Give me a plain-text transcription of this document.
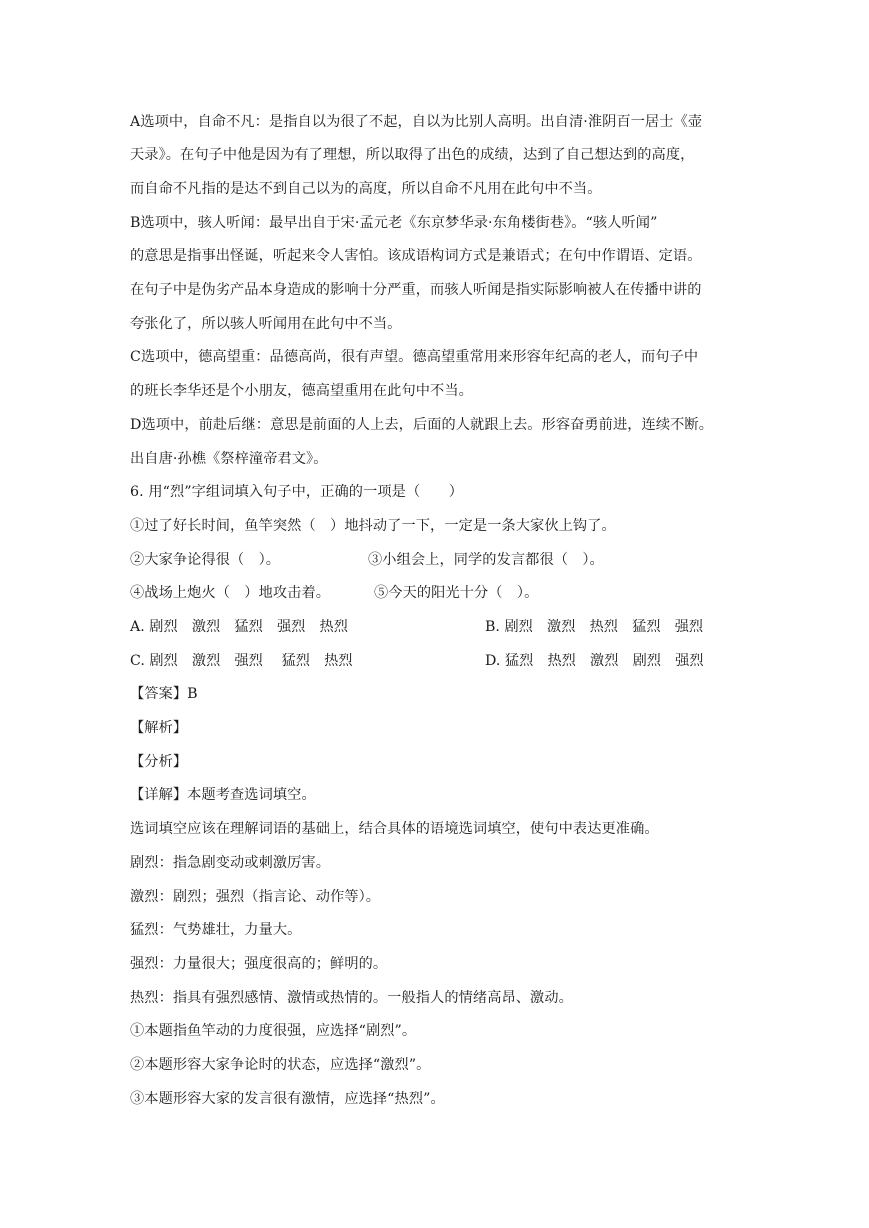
A选项中，自命不凡：是指自以为很了不起，自以为比别人高明。出自清·淮阴百一居士《壶
天录》。在句子中他是因为有了理想，所以取得了出色的成绩，达到了自己想达到的高度，
而自命不凡指的是达不到自己以为的高度，所以自命不凡用在此句中不当。
B选项中，骇人听闻：最早出自于宋·孟元老《东京梦华录·东角楼街巷》。“骇人听闻”
的意思是指事出怪诞，听起来令人害怕。该成语构词方式是兼语式；在句中作谓语、定语。
在句子中是伪劣产品本身造成的影响十分严重，而骇人听闻是指实际影响被人在传播中讲的
夸张化了，所以骇人听闻用在此句中不当。
C选项中，德高望重：品德高尚，很有声望。德高望重常用来形容年纪高的老人，而句子中
的班长李华还是个小朋友，德高望重用在此句中不当。
D选项中，前赴后继：意思是前面的人上去，后面的人就跟上去。形容奋勇前进，连续不断。
出自唐·孙樵《祭梓潼帝君文》。
6. 用“烈”字组词填入句子中，正确的一项是（　　）
①过了好长时间，鱼竿突然（　）地抖动了一下，一定是一条大家伙上钩了。
②大家争论得很（　）。	③小组会上，同学的发言都很（　）。
④战场上炮火（　）地攻击着。	⑤今天的阳光十分（　）。
A. 剧烈　激烈　猛烈　强烈　热烈	B. 剧烈　激烈　热烈　猛烈　强烈
C. 剧烈　激烈　强烈　 猛烈　热烈	D. 猛烈　热烈　激烈　剧烈　强烈
【答案】B
【解析】
【分析】
【详解】本题考查选词填空。
选词填空应该在理解词语的基础上，结合具体的语境选词填空，使句中表达更准确。
剧烈：指急剧变动或刺激厉害。
激烈：剧烈；强烈（指言论、动作等）。
猛烈：气势雄壮，力量大。
强烈：力量很大；强度很高的；鲜明的。
热烈：指具有强烈感情、激情或热情的。一般指人的情绪高昂、激动。
①本题指鱼竿动的力度很强，应选择“剧烈”。
②本题形容大家争论时的状态，应选择“激烈”。
③本题形容大家的发言很有激情，应选择“热烈”。
